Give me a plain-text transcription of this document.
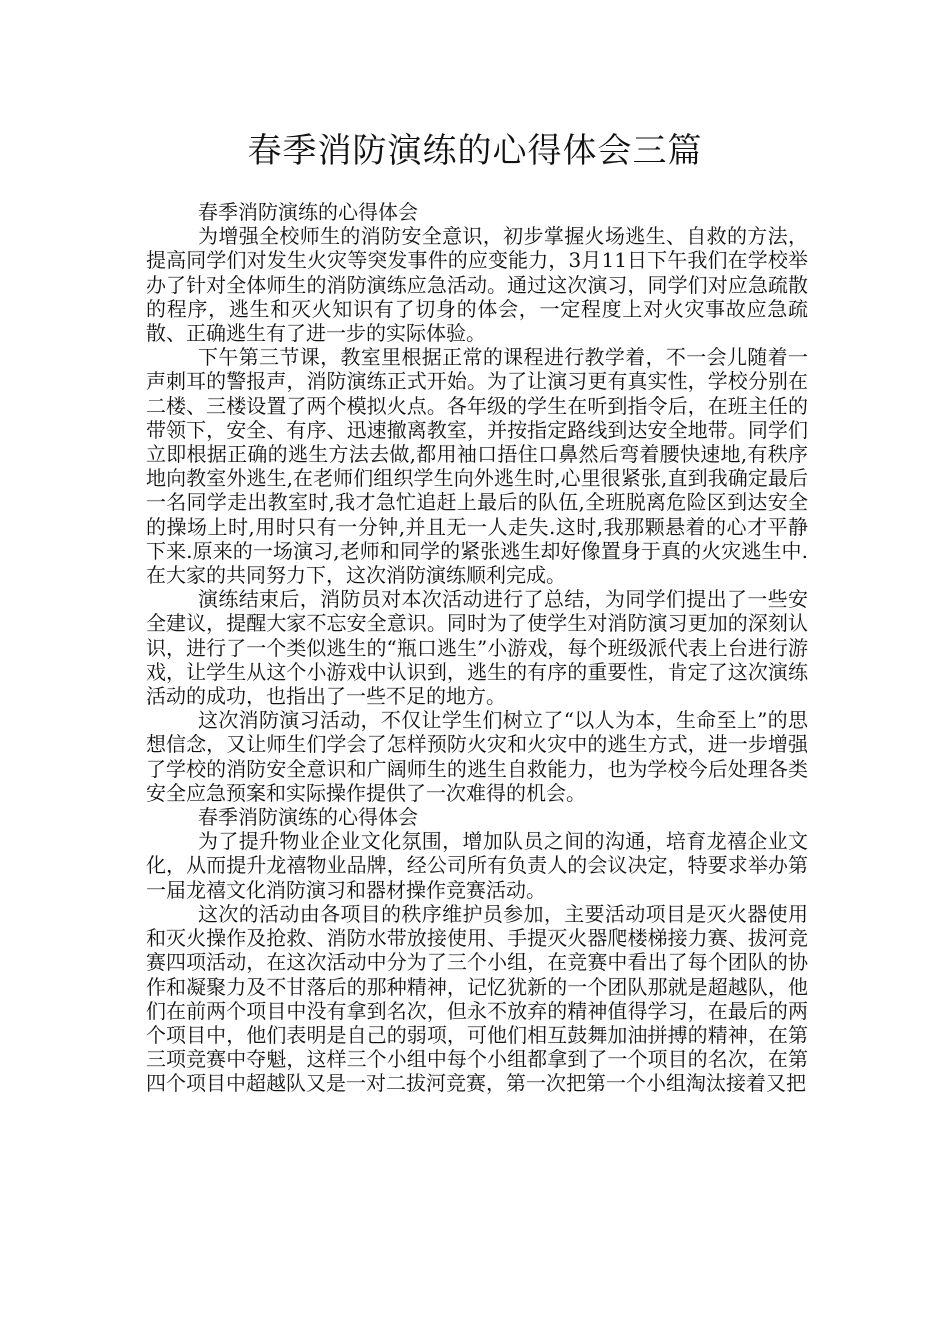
春季消防演练的心得体会三篇

春季消防演练的心得体会

为增强全校师生的消防安全意识，初步掌握火场逃生、自救的方法，提高同学们对发生火灾等突发事件的应变能力，3月11日下午我们在学校举办了针对全体师生的消防演练应急活动。通过这次演习，同学们对应急疏散的程序，逃生和灭火知识有了切身的体会，一定程度上对火灾事故应急疏散、正确逃生有了进一步的实际体验。

下午第三节课，教室里根据正常的课程进行教学着，不一会儿随着一声刺耳的警报声，消防演练正式开始。为了让演习更有真实性，学校分别在二楼、三楼设置了两个模拟火点。各年级的学生在听到指令后，在班主任的带领下，安全、有序、迅速撤离教室，并按指定路线到达安全地带。同学们立即根据正确的逃生方法去做,都用袖口捂住口鼻然后弯着腰快速地,有秩序地向教室外逃生,在老师们组织学生向外逃生时,心里很紧张,直到我确定最后一名同学走出教室时,我才急忙追赶上最后的队伍,全班脱离危险区到达安全的操场上时,用时只有一分钟,并且无一人走失.这时,我那颗悬着的心才平静下来.原来的一场演习,老师和同学的紧张逃生却好像置身于真的火灾逃生中.在大家的共同努力下，这次消防演练顺利完成。

演练结束后，消防员对本次活动进行了总结，为同学们提出了一些安全建议，提醒大家不忘安全意识。同时为了使学生对消防演习更加的深刻认识，进行了一个类似逃生的“瓶口逃生”小游戏，每个班级派代表上台进行游戏，让学生从这个小游戏中认识到，逃生的有序的重要性，肯定了这次演练活动的成功，也指出了一些不足的地方。

这次消防演习活动，不仅让学生们树立了“以人为本，生命至上”的思想信念，又让师生们学会了怎样预防火灾和火灾中的逃生方式，进一步增强了学校的消防安全意识和广阔师生的逃生自救能力，也为学校今后处理各类安全应急预案和实际操作提供了一次难得的机会。

春季消防演练的心得体会

为了提升物业企业文化氛围，增加队员之间的沟通，培育龙禧企业文化，从而提升龙禧物业品牌，经公司所有负责人的会议决定，特要求举办第一届龙禧文化消防演习和器材操作竞赛活动。

这次的活动由各项目的秩序维护员参加，主要活动项目是灭火器使用和灭火操作及抢救、消防水带放接使用、手提灭火器爬楼梯接力赛、拔河竞赛四项活动，在这次活动中分为了三个小组，在竞赛中看出了每个团队的协作和凝聚力及不甘落后的那种精神，记忆犹新的一个团队那就是超越队，他们在前两个项目中没有拿到名次，但永不放弃的精神值得学习，在最后的两个项目中，他们表明是自己的弱项，可他们相互鼓舞加油拼搏的精神，在第三项竞赛中夺魁，这样三个小组中每个小组都拿到了一个项目的名次，在第四个项目中超越队又是一对二拔河竞赛，第一次把第一个小组淘汰接着又把
